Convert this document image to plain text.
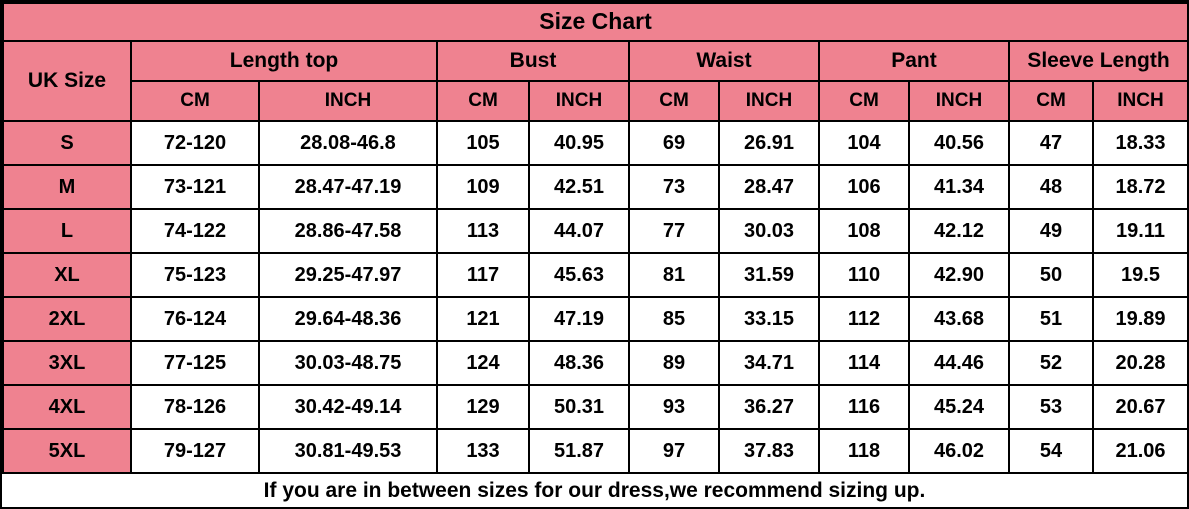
Size Chart										
UK Size	Length top		Bust		Waist		Pant		Sleeve Length	
	CM	INCH	CM	INCH	CM	INCH	CM	INCH	CM	INCH
S	72-120	28.08-46.8	105	40.95	69	26.91	104	40.56	47	18.33
M	73-121	28.47-47.19	109	42.51	73	28.47	106	41.34	48	18.72
L	74-122	28.86-47.58	113	44.07	77	30.03	108	42.12	49	19.11
XL	75-123	29.25-47.97	117	45.63	81	31.59	110	42.90	50	19.5
2XL	76-124	29.64-48.36	121	47.19	85	33.15	112	43.68	51	19.89
3XL	77-125	30.03-48.75	124	48.36	89	34.71	114	44.46	52	20.28
4XL	78-126	30.42-49.14	129	50.31	93	36.27	116	45.24	53	20.67
5XL	79-127	30.81-49.53	133	51.87	97	37.83	118	46.02	54	21.06
If you are in between sizes for our dress,we recommend sizing up.
